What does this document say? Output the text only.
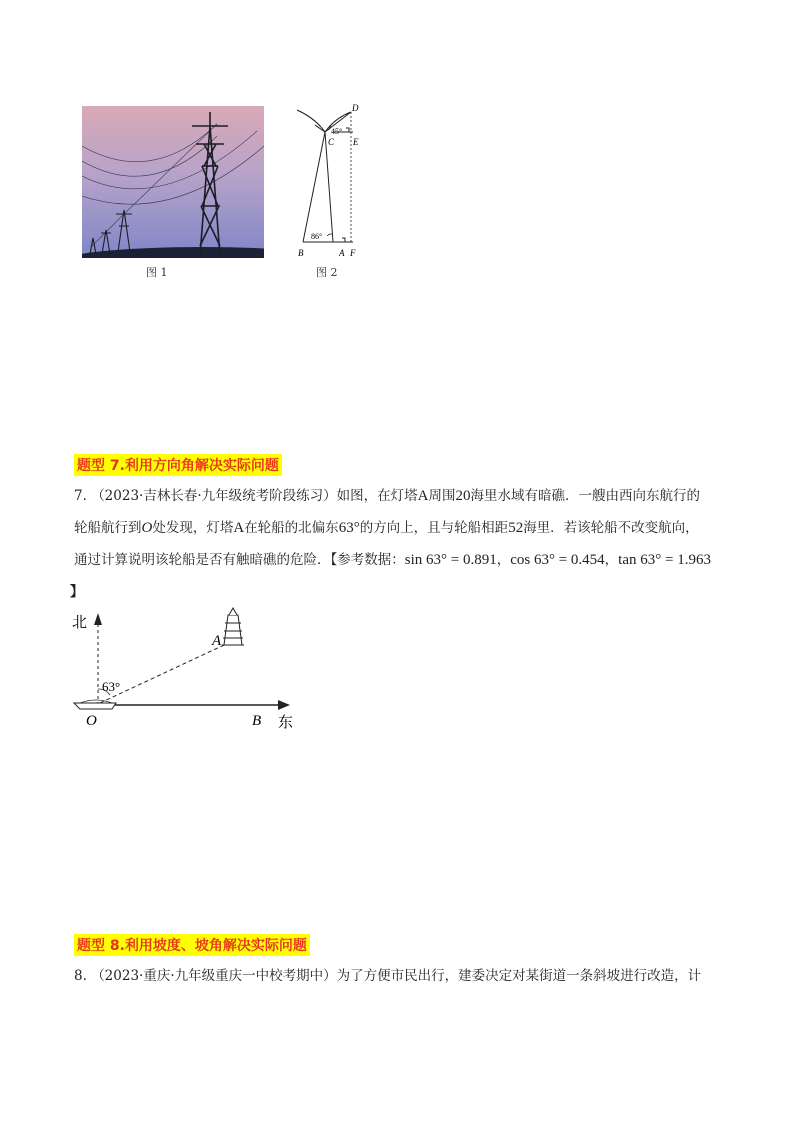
图 1
D
45°
C E
86°
B	A F
图 2
题型 7.利用方向角解决实际问题
7. （2023·吉林长春·九年级统考阶段练习）如图，在灯塔A周围20海里水域有暗礁．一艘由西向东航行的
轮船航行到O处发现，灯塔A在轮船的北偏东63°的方向上，且与轮船相距52海里．若该轮船不改变航向，
通过计算说明该轮船是否有触暗礁的危险．【参考数据：sin 63° = 0.891，cos 63° = 0.454，tan 63° = 1.963
】
北
63°
A
O	B 东
题型 8.利用坡度、坡角解决实际问题
8. （2023·重庆·九年级重庆一中校考期中）为了方便市民出行，建委决定对某街道一条斜坡进行改造，计
